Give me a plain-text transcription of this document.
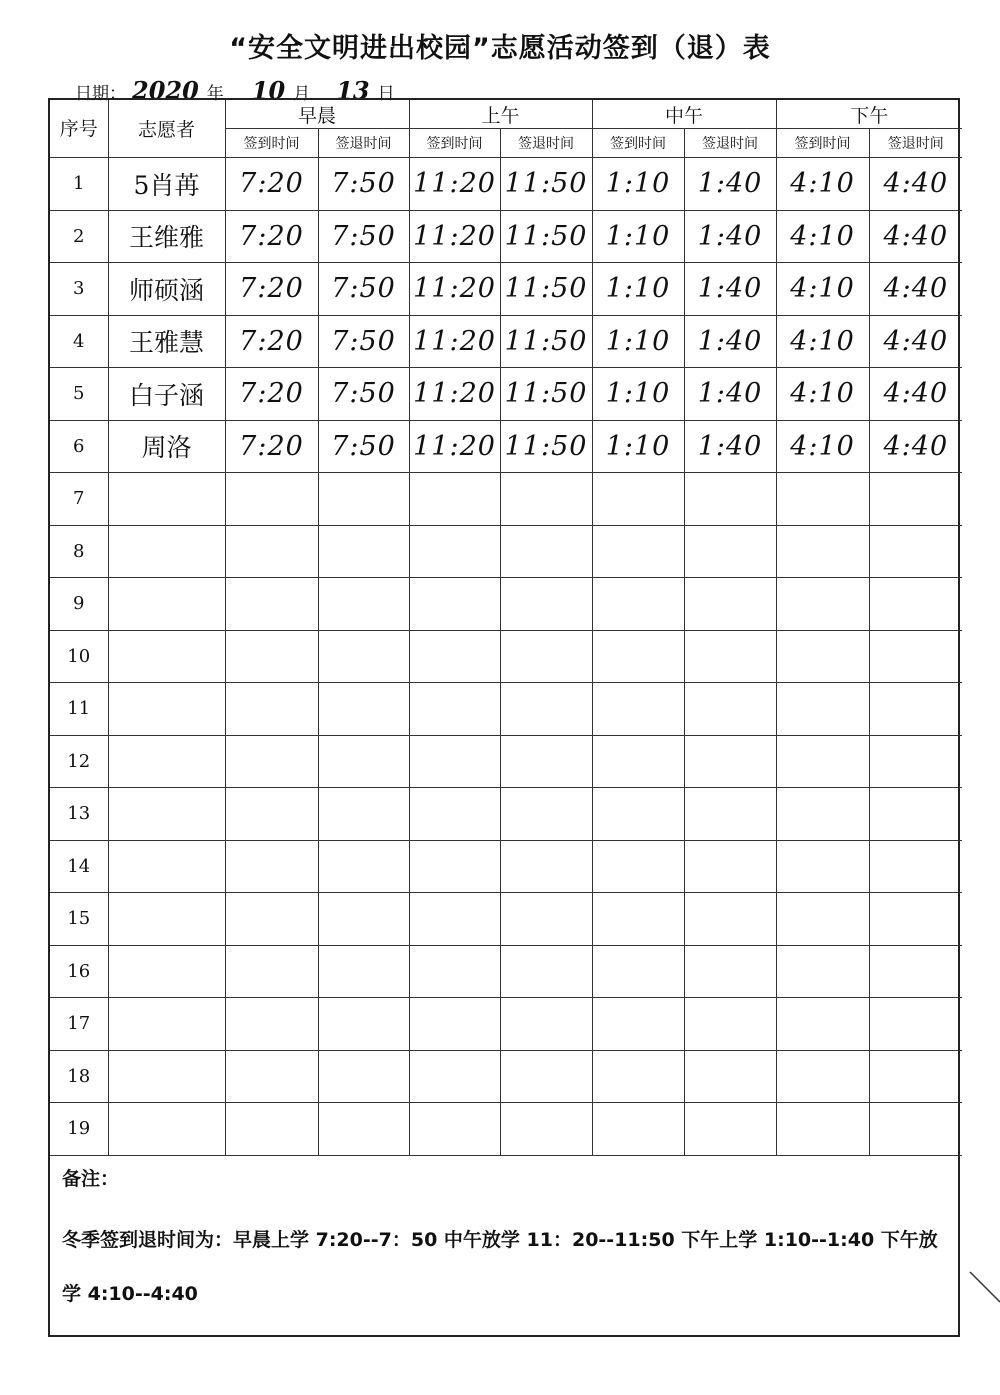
“安全文明进出校园”志愿活动签到（退）表
日期： 2020 年	10 月	13 日
序号	志愿者	早晨		上午		中午		下午	
		签到时间	签退时间	签到时间	签退时间	签到时间	签退时间	签到时间	签退时间
1	5肖苒	7:20	7:50	11:20	11:50	1:10	1:40	4:10	4:40
2	王维雅	7:20	7:50	11:20	11:50	1:10	1:40	4:10	4:40
3	师硕涵	7:20	7:50	11:20	11:50	1:10	1:40	4:10	4:40
4	王雅慧	7:20	7:50	11:20	11:50	1:10	1:40	4:10	4:40
5	白子涵	7:20	7:50	11:20	11:50	1:10	1:40	4:10	4:40
6	周洛	7:20	7:50	11:20	11:50	1:10	1:40	4:10	4:40
7									
8									
9									
10									
11									
12									
13									
14									
15									
16									
17									
18									
19									
备注：
冬季签到退时间为：早晨上学 7:20--7：50 中午放学 11：20--11:50 下午上学 1:10--1:40 下午放学 4:10--4:40
